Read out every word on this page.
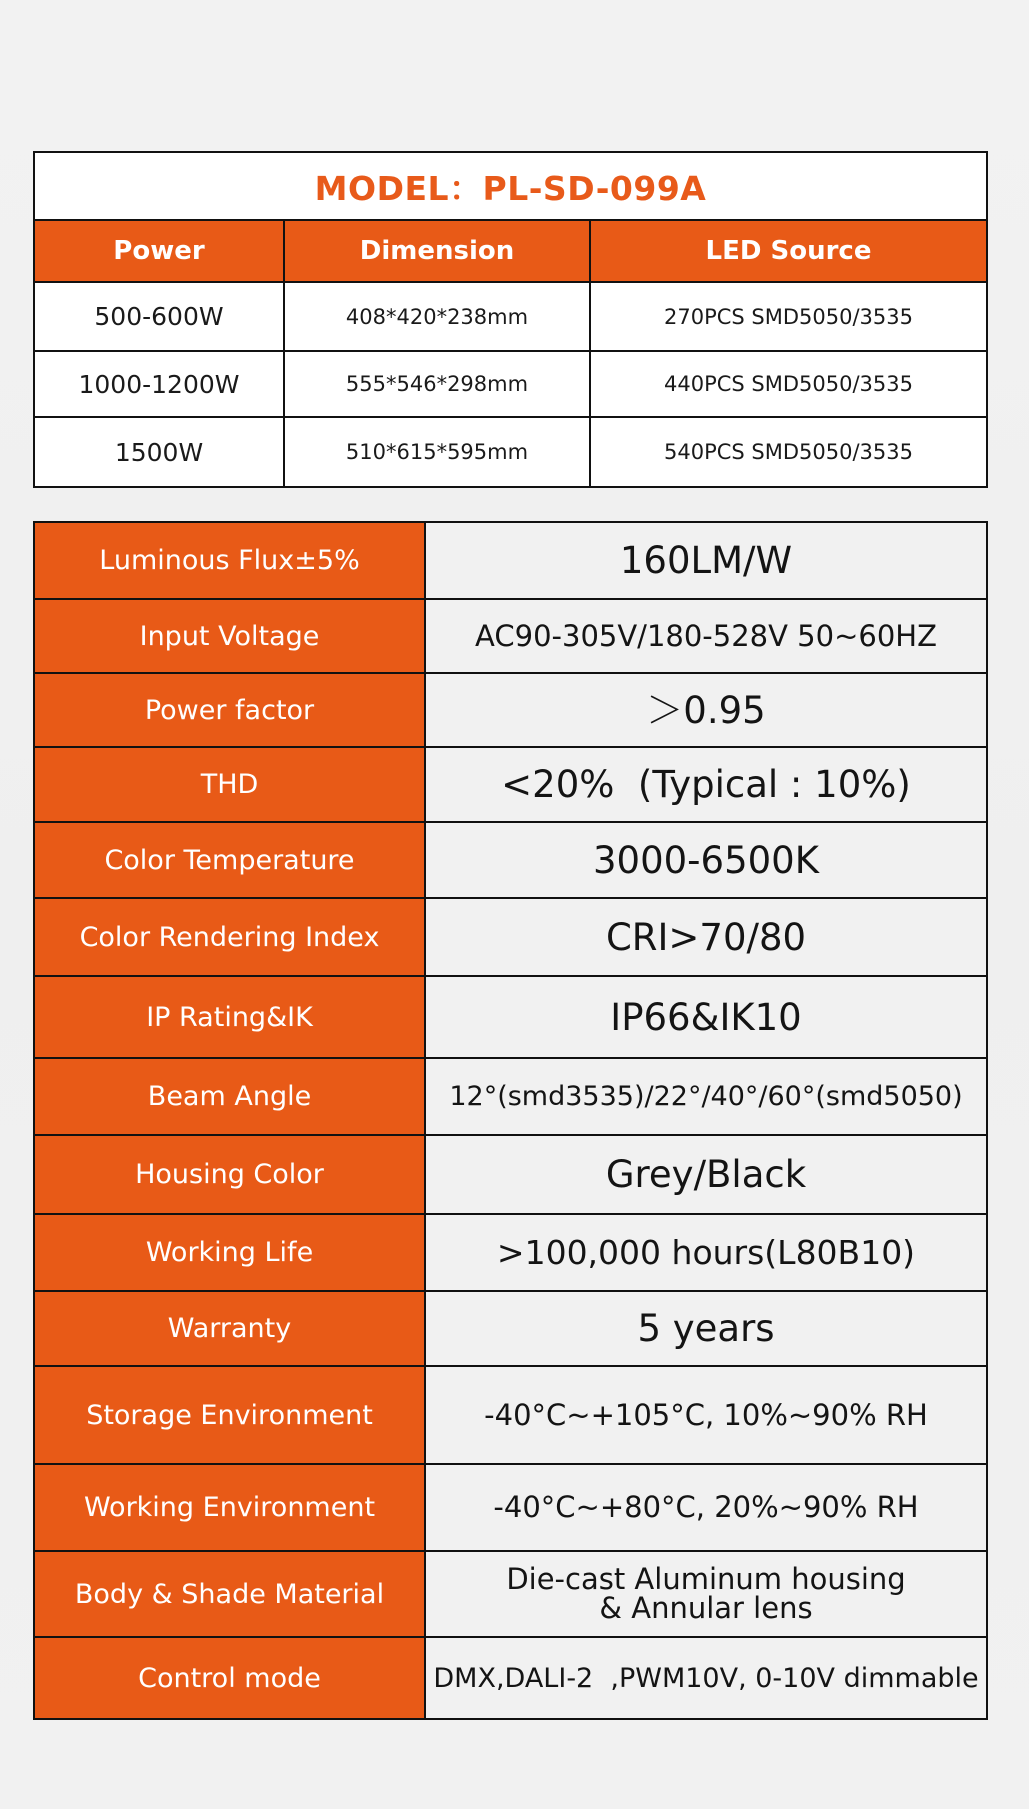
MODEL：PL-SD-099A		
Power	Dimension	LED Source
500-600W	408*420*238mm	270PCS SMD5050/3535
1000-1200W	555*546*298mm	440PCS SMD5050/3535
1500W	510*615*595mm	540PCS SMD5050/3535
Luminous Flux±5%	160LM/W
Input Voltage	AC90-305V/180-528V 50~60HZ
Power factor	＞0.95
THD	<20%  (Typical : 10%)
Color Temperature	3000-6500K
Color Rendering Index	CRI>70/80
IP Rating&IK	IP66&IK10
Beam Angle	12°(smd3535)/22°/40°/60°(smd5050)
Housing Color	Grey/Black
Working Life	>100,000 hours(L80B10)
Warranty	5 years
Storage Environment	-40°C~+105°C, 10%~90% RH
Working Environment	-40°C~+80°C, 20%~90% RH
Body & Shade Material	Die-cast Aluminum housing
& Annular lens

Control mode	DMX,DALI-2  ,PWM10V, 0-10V dimmable
